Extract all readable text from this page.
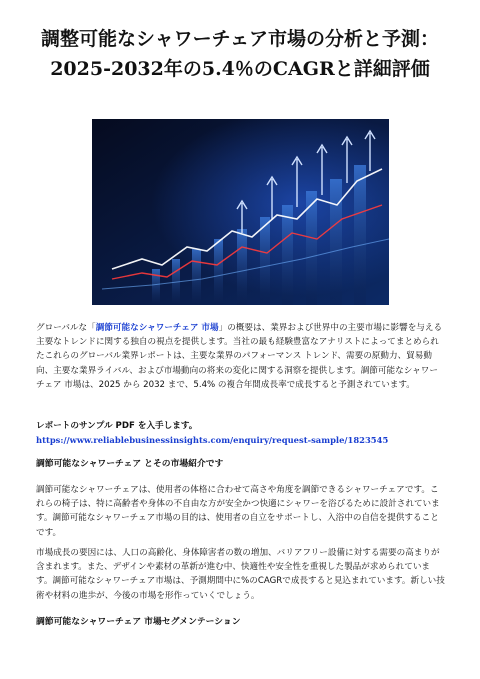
調整可能なシャワーチェア市場の分析と予測：
2025-2032年の5.4％のCAGRと詳細評価

グローバルな「調節可能なシャワーチェア 市場」の概要は、業界および世界中の主要市場に影響を与える主要なトレンドに関する独自の視点を提供します。当社の最も経験豊富なアナリストによってまとめられたこれらのグローバル業界レポートは、主要な業界のパフォーマンス トレンド、需要の原動力、貿易動向、主要な業界ライバル、および市場動向の将来の変化に関する洞察を提供します。調節可能なシャワーチェア 市場は、2025 から 2032 まで、5.4% の複合年間成長率で成長すると予測されています。

レポートのサンプル PDF を入手します。

https://www.reliablebusinessinsights.com/enquiry/request-sample/1823545

調節可能なシャワーチェア とその市場紹介です

調節可能なシャワーチェアは、使用者の体格に合わせて高さや角度を調節できるシャワーチェアです。これらの椅子は、特に高齢者や身体の不自由な方が安全かつ快適にシャワーを浴びるために設計されています。調節可能なシャワーチェア市場の目的は、使用者の自立をサポートし、入浴中の自信を提供することです。

市場成長の要因には、人口の高齢化、身体障害者の数の増加、バリアフリー設備に対する需要の高まりが含まれます。また、デザインや素材の革新が進む中、快適性や安全性を重視した製品が求められています。調節可能なシャワーチェア市場は、予測期間中に%のCAGRで成長すると見込まれています。新しい技術や材料の進歩が、今後の市場を形作っていくでしょう。

調節可能なシャワーチェア 市場セグメンテーション
